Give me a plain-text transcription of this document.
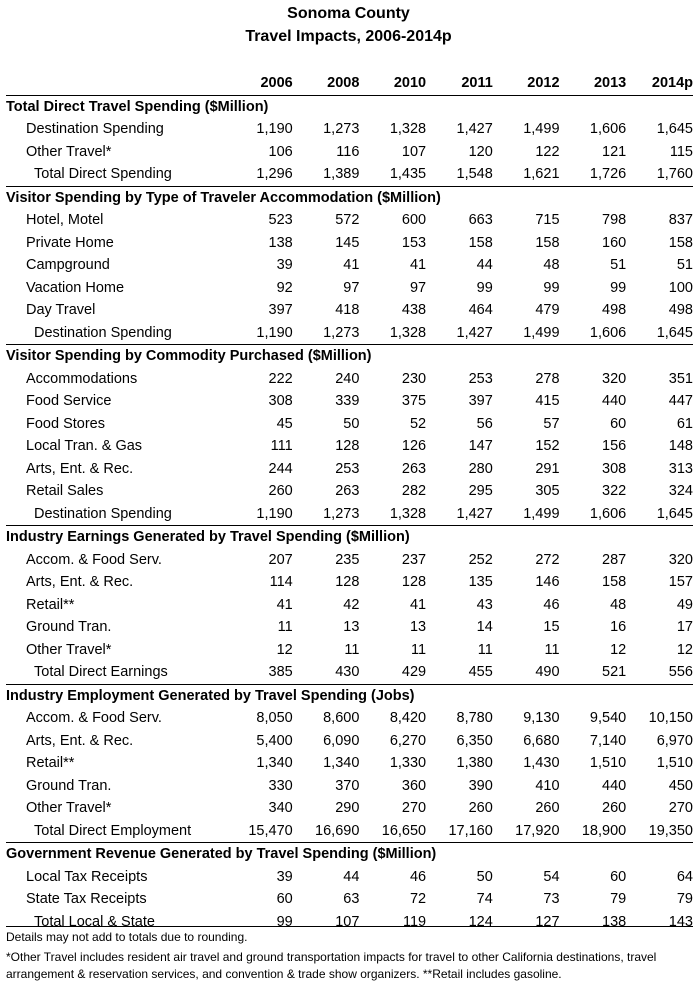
Sonoma County
Travel Impacts, 2006-2014p
	2006	2008	2010	2011	2012	2013	2014p
Total Direct Travel Spending ($Million)							
Destination Spending	1,190	1,273	1,328	1,427	1,499	1,606	1,645
Other Travel*	106	116	107	120	122	121	115
Total Direct Spending	1,296	1,389	1,435	1,548	1,621	1,726	1,760
Visitor Spending by Type of Traveler Accommodation ($Million)							
Hotel, Motel	523	572	600	663	715	798	837
Private Home	138	145	153	158	158	160	158
Campground	39	41	41	44	48	51	51
Vacation Home	92	97	97	99	99	99	100
Day Travel	397	418	438	464	479	498	498
Destination Spending	1,190	1,273	1,328	1,427	1,499	1,606	1,645
Visitor Spending by Commodity Purchased ($Million)							
Accommodations	222	240	230	253	278	320	351
Food Service	308	339	375	397	415	440	447
Food Stores	45	50	52	56	57	60	61
Local Tran. & Gas	111	128	126	147	152	156	148
Arts, Ent. & Rec.	244	253	263	280	291	308	313
Retail Sales	260	263	282	295	305	322	324
Destination Spending	1,190	1,273	1,328	1,427	1,499	1,606	1,645
Industry Earnings Generated by Travel Spending ($Million)							
Accom. & Food Serv.	207	235	237	252	272	287	320
Arts, Ent. & Rec.	114	128	128	135	146	158	157
Retail**	41	42	41	43	46	48	49
Ground Tran.	11	13	13	14	15	16	17
Other Travel*	12	11	11	11	11	12	12
Total Direct Earnings	385	430	429	455	490	521	556
Industry Employment Generated by Travel Spending (Jobs)							
Accom. & Food Serv.	8,050	8,600	8,420	8,780	9,130	9,540	10,150
Arts, Ent. & Rec.	5,400	6,090	6,270	6,350	6,680	7,140	6,970
Retail**	1,340	1,340	1,330	1,380	1,430	1,510	1,510
Ground Tran.	330	370	360	390	410	440	450
Other Travel*	340	290	270	260	260	260	270
Total Direct Employment	15,470	16,690	16,650	17,160	17,920	18,900	19,350
Government Revenue Generated by Travel Spending ($Million)							
Local Tax Receipts	39	44	46	50	54	60	64
State Tax Receipts	60	63	72	74	73	79	79
Total Local & State	99	107	119	124	127	138	143
Details may not add to totals due to rounding.
*Other Travel includes resident air travel and ground transportation impacts for travel to other California destinations, travel arrangement & reservation services, and convention & trade show organizers. **Retail includes gasoline.
